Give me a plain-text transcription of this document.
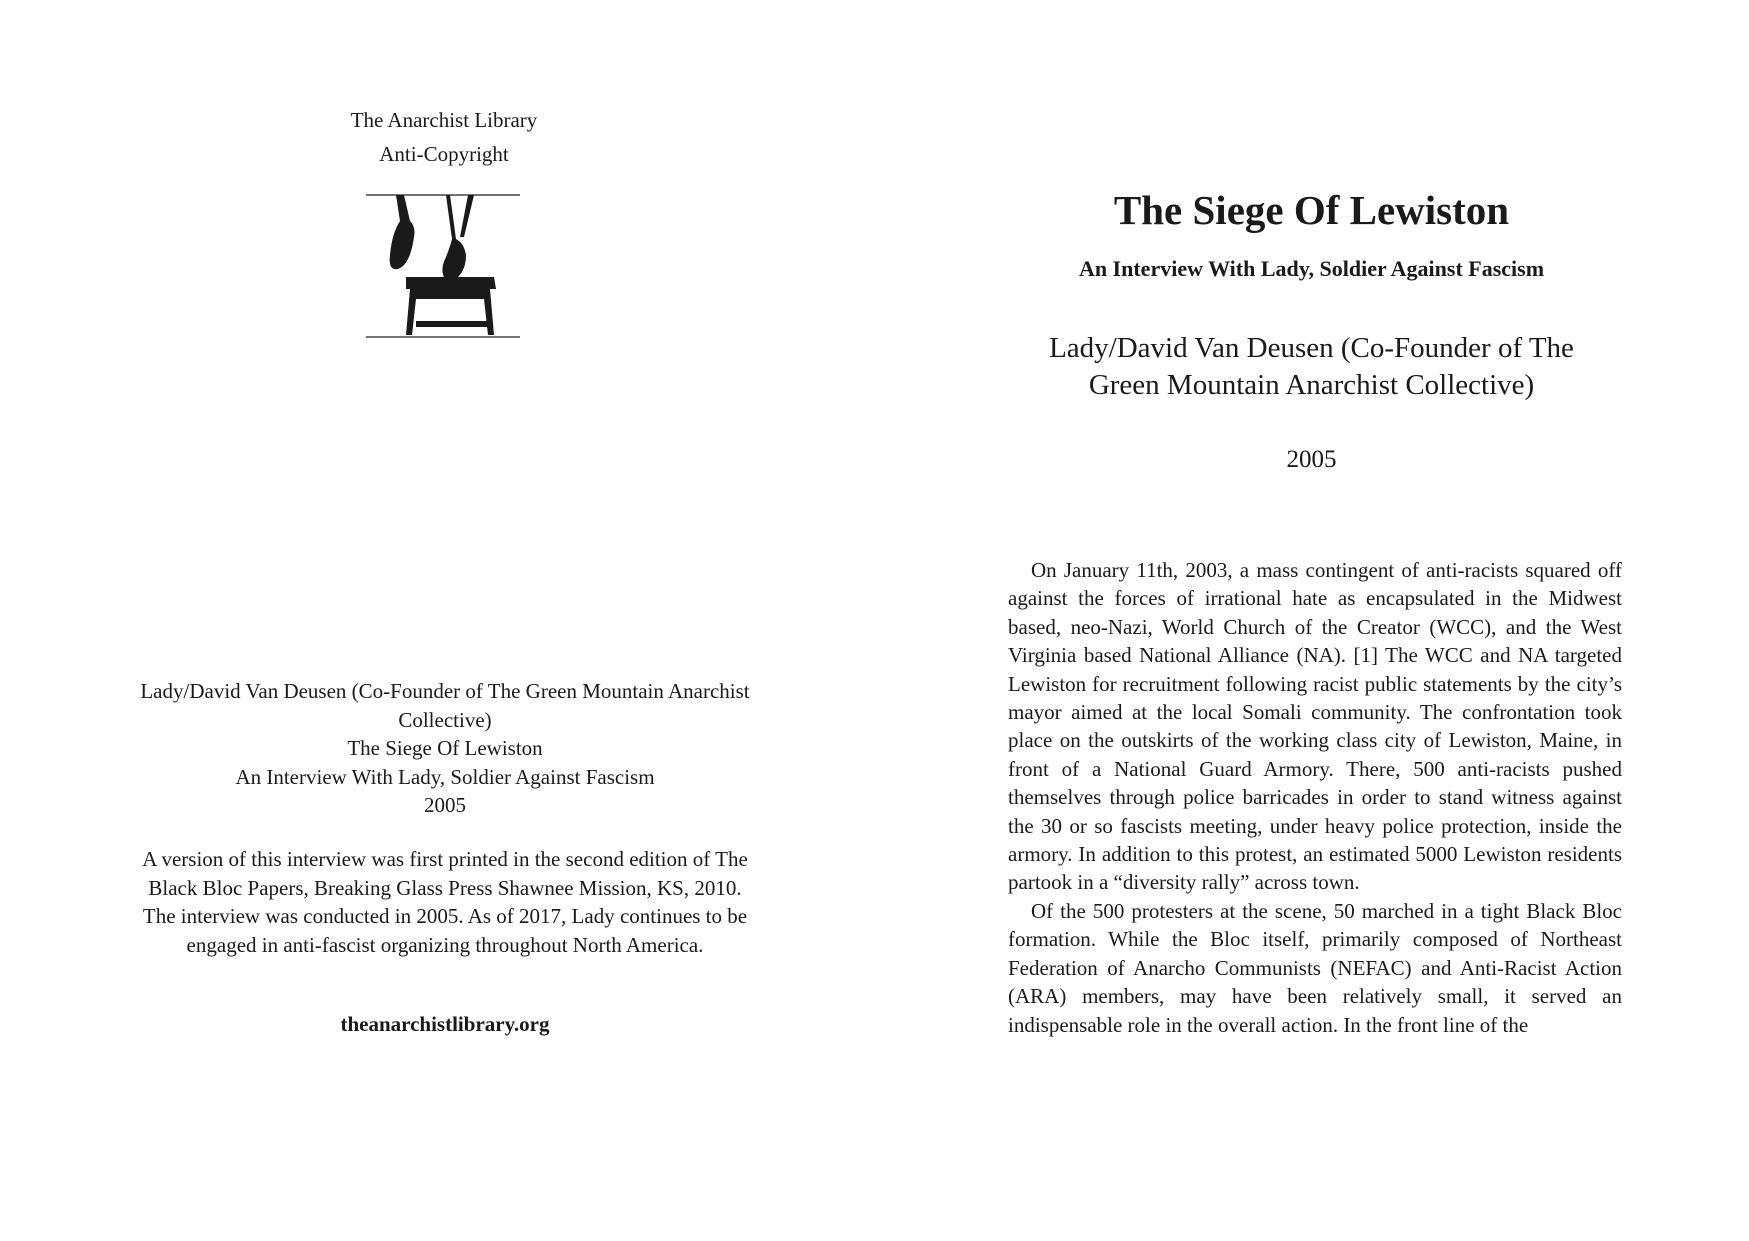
The Anarchist Library
Anti-Copyright
Lady/David Van Deusen (Co-Founder of The Green Mountain Anarchist Collective)
The Siege Of Lewiston
An Interview With Lady, Soldier Against Fascism
2005
A version of this interview was first printed in the second edition of The Black Bloc Papers, Breaking Glass Press Shawnee Mission, KS, 2010. The interview was conducted in 2005. As of 2017, Lady continues to be engaged in anti-fascist organizing throughout North America.
theanarchistlibrary.org
The Siege Of Lewiston
An Interview With Lady, Soldier Against Fascism
Lady/David Van Deusen (Co-Founder of The Green Mountain Anarchist Collective)
2005

On January 11th, 2003, a mass contingent of anti-racists squared off against the forces of irrational hate as encapsulated in the Midwest based, neo-Nazi, World Church of the Creator (WCC), and the West Virginia based National Alliance (NA). [1] The WCC and NA targeted Lewiston for recruitment following racist public statements by the city’s mayor aimed at the local Somali community. The confrontation took place on the outskirts of the working class city of Lewiston, Maine, in front of a National Guard Armory. There, 500 anti-racists pushed themselves through police barricades in order to stand witness against the 30 or so fascists meeting, under heavy police protection, inside the armory. In addition to this protest, an estimated 5000 Lewiston residents partook in a “diversity rally” across town.

Of the 500 protesters at the scene, 50 marched in a tight Black Bloc formation. While the Bloc itself, primarily composed of Northeast Federation of Anarcho Communists (NEFAC) and Anti-Racist Action (ARA) members, may have been relatively small, it served an indispensable role in the overall action. In the front line of the
